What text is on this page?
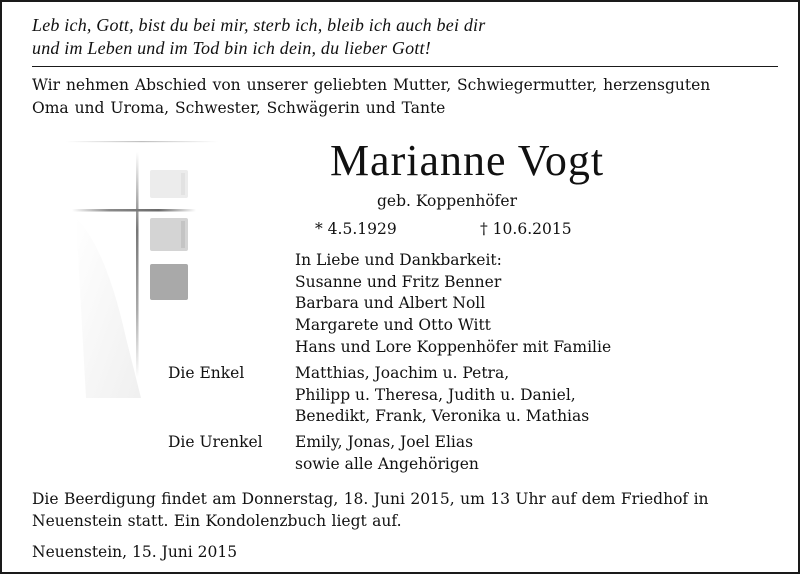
Leb ich, Gott, bist du bei mir, sterb ich, bleib ich auch bei dir
und im Leben und im Tod bin ich dein, du lieber Gott!
Wir nehmen Abschied von unserer geliebten Mutter, Schwiegermutter, herzensguten
Oma und Uroma, Schwester, Schwägerin und Tante
Marianne Vogt
geb. Koppenhöfer
* 4.5.1929	† 10.6.2015
In Liebe und Dankbarkeit:
Susanne und Fritz Benner
Barbara und Albert Noll
Margarete und Otto Witt
Hans und Lore Koppenhöfer mit Familie
Die Enkel	Matthias, Joachim u. Petra,
Philipp u. Theresa, Judith u. Daniel,
Benedikt, Frank, Veronika u. Mathias
Die Urenkel Emily, Jonas, Joel Elias
sowie alle Angehörigen
Die Beerdigung findet am Donnerstag, 18. Juni 2015, um 13 Uhr auf dem Friedhof in
Neuenstein statt. Ein Kondolenzbuch liegt auf.
Neuenstein, 15. Juni 2015
